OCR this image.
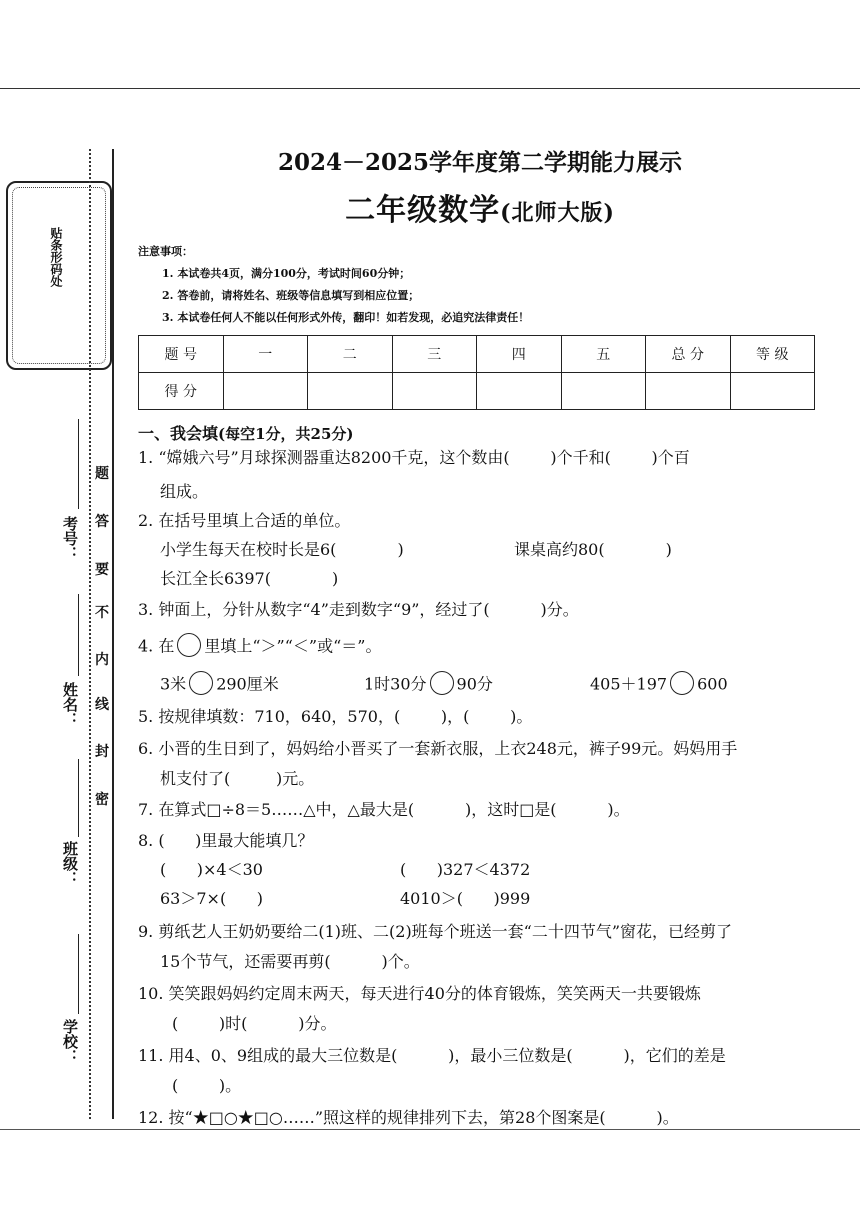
贴条形码处
题
答
要
不
内
线
封
密
考号：
姓名：
班级：
学校：
2024－2025学年度第二学期能力展示
二年级数学(北师大版)
注意事项：
1. 本试卷共4页，满分100分，考试时间60分钟；
2. 答卷前，请将姓名、班级等信息填写到相应位置；
3. 本试卷任何人不能以任何形式外传，翻印！如若发现，必追究法律责任！
题 号	一	二	三	四	五	总 分	等 级
得 分							
一、我会填(每空1分，共25分)
1. “嫦娥六号”月球探测器重达8200千克，这个数由(        )个千和(        )个百
组成。
2. 在括号里填上合适的单位。
小学生每天在校时长是6(            )	课桌高约80(            )
长江全长6397(            )
3. 钟面上，分针从数字“4”走到数字“9”，经过了(          )分。
4. 在 里填上“＞”“＜”或“＝”。
3米 290厘米	1时30分 90分	405＋197 600
5. 按规律填数：710，640，570，(        )，(        )。
6. 小晋的生日到了，妈妈给小晋买了一套新衣服，上衣248元，裤子99元。妈妈用手
机支付了(         )元。
7. 在算式□÷8＝5……△中，△最大是(          )，这时□是(          )。
8. (      )里最大能填几？
(      )×4＜30	(      )327＜4372
63＞7×(      )	4010＞(      )999
9. 剪纸艺人王奶奶要给二(1)班、二(2)班每个班送一套“二十四节气”窗花，已经剪了
15个节气，还需要再剪(          )个。
10. 笑笑跟妈妈约定周末两天，每天进行40分的体育锻炼，笑笑两天一共要锻炼
(        )时(          )分。
11. 用4、0、9组成的最大三位数是(          )，最小三位数是(          )，它们的差是
(        )。
12. 按“★□○★□○……”照这样的规律排列下去，第28个图案是(          )。
